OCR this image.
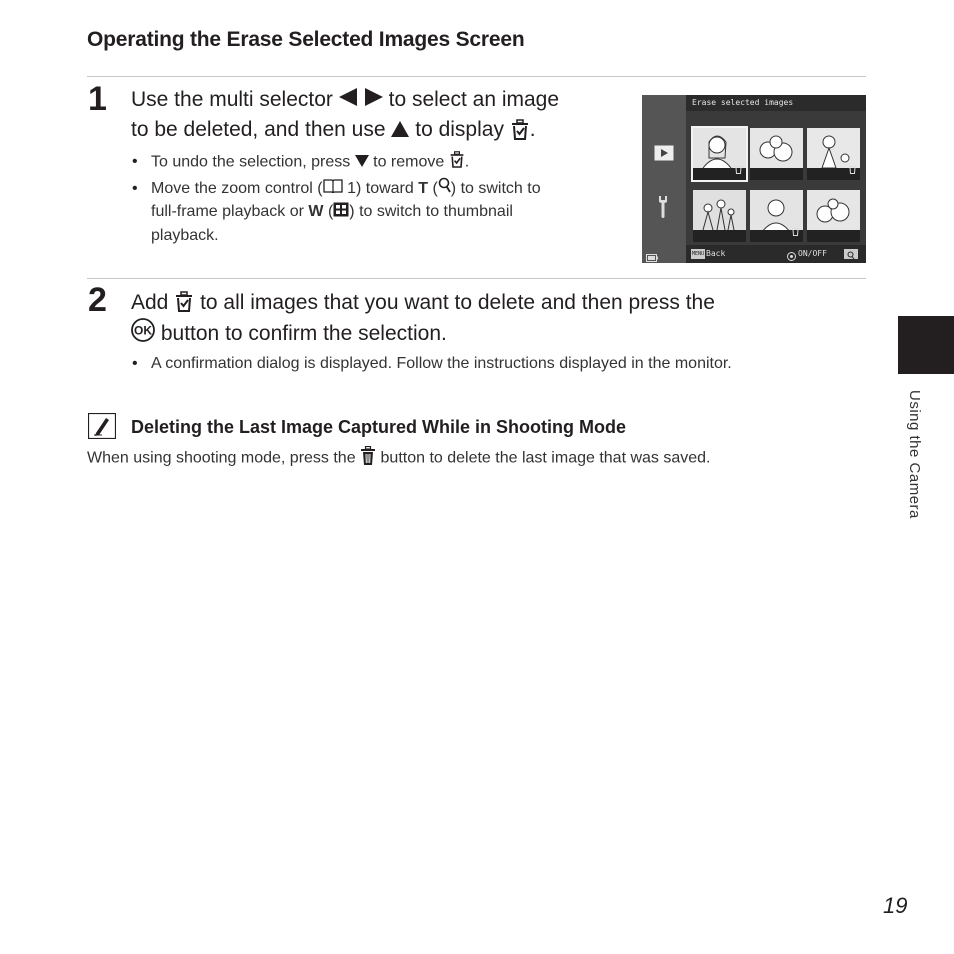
Operating the Erase Selected Images Screen
1 Use the multi selector	to select an image
to be deleted, and then use to display .
• To undo the selection, press to remove .
• Move the zoom control ( 1) toward T ( ) to switch to
full-frame playback or W ( ) to switch to thumbnail
playback.
Erase selected images
MENU Back	ON/OFF
2 Add to all images that you want to delete and then press the
OK button to confirm the selection.
• A confirmation dialog is displayed. Follow the instructions displayed in the monitor.
Deleting the Last Image Captured While in Shooting Mode
When using shooting mode, press the button to delete the last image that was saved.	Using the Camera
19
